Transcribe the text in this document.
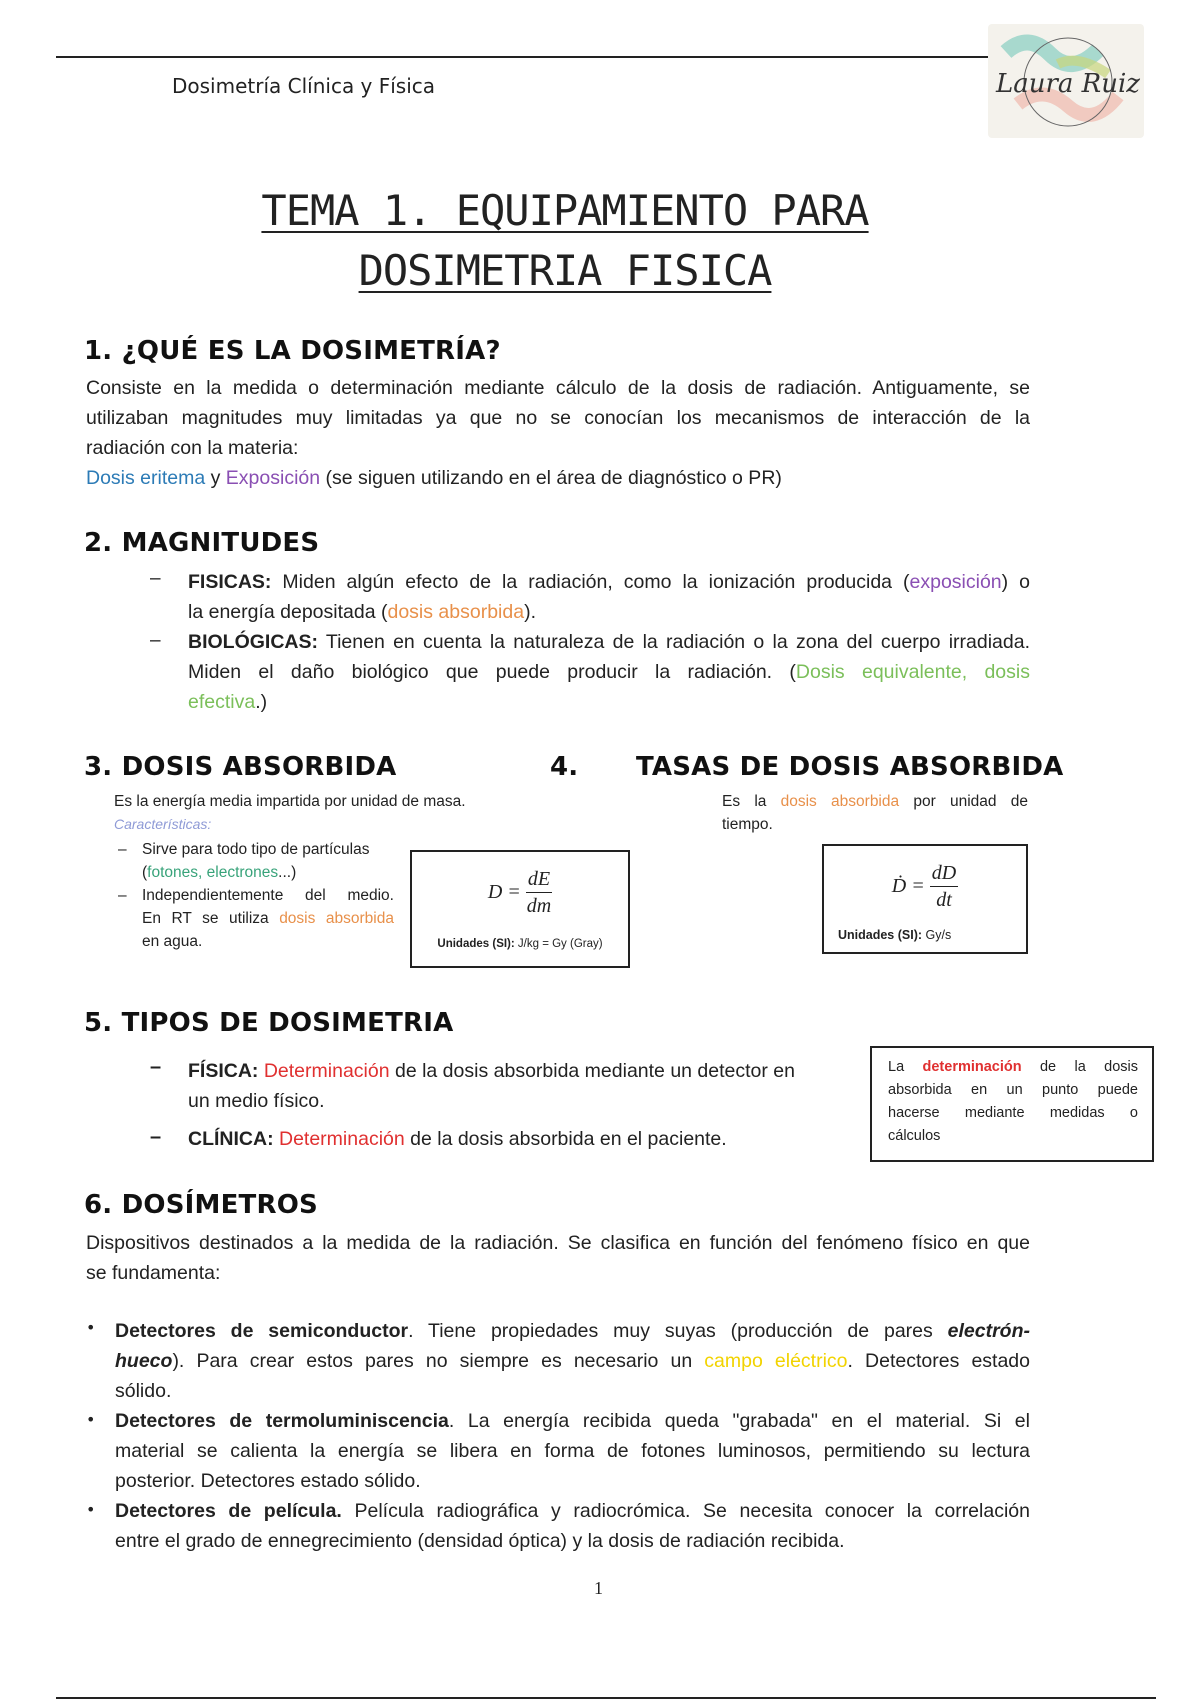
Dosimetría Clínica y Física	Laura Ruiz
TEMA 1. EQUIPAMIENTO PARA
DOSIMETRIA FISICA
1. ¿QUÉ ES LA DOSIMETRÍA?
Consiste en la medida o determinación mediante cálculo de la dosis de radiación. Antiguamente, se
utilizaban magnitudes muy limitadas ya que no se conocían los mecanismos de interacción de la
radiación con la materia:
Dosis eritema y Exposición (se siguen utilizando en el área de diagnóstico o PR)
2. MAGNITUDES
– FISICAS: Miden algún efecto de la radiación, como la ionización producida (exposición) o
la energía depositada (dosis absorbida).
– BIOLÓGICAS: Tienen en cuenta la naturaleza de la radiación o la zona del cuerpo irradiada.
Miden el daño biológico que puede producir la radiación. (Dosis equivalente, dosis
efectiva.)
3. DOSIS ABSORBIDA
Es la energía media impartida por unidad de masa.
Características:
– Sirve para todo tipo de partículas
(fotones, electrones...)
– Independientemente del medio.
En RT se utiliza dosis absorbida
en agua.
$D = \frac{dE}{dm}$
Unidades (SI): J/kg = Gy (Gray)
4. TASAS DE DOSIS ABSORBIDA
Es la dosis absorbida por unidad de
tiempo.
Ḋ = $\frac{dD}{dt}$
Unidades (SI): Gy/s
5. TIPOS DE DOSIMETRIA
– FÍSICA: Determinación de la dosis absorbida mediante un detector en
un medio físico.
– CLÍNICA: Determinación de la dosis absorbida en el paciente.
La determinación de la dosis
absorbida en un punto puede
hacerse mediante medidas o
cálculos
6. DOSÍMETROS
Dispositivos destinados a la medida de la radiación. Se clasifica en función del fenómeno físico en que
se fundamenta:
• Detectores de semiconductor. Tiene propiedades muy suyas (producción de pares electrón-
hueco). Para crear estos pares no siempre es necesario un campo eléctrico. Detectores estado
sólido.
• Detectores de termoluminiscencia. La energía recibida queda "grabada" en el material. Si el
material se calienta la energía se libera en forma de fotones luminosos, permitiendo su lectura
posterior. Detectores estado sólido.
• Detectores de película. Película radiográfica y radiocrómica. Se necesita conocer la correlación
entre el grado de ennegrecimiento (densidad óptica) y la dosis de radiación recibida.
1
